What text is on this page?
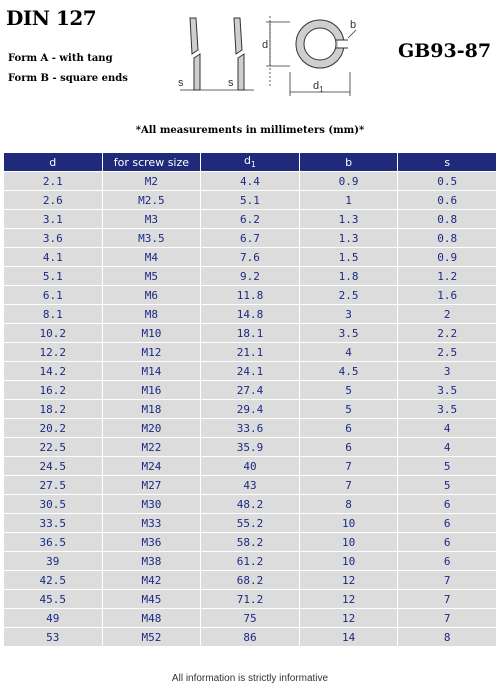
DIN 127
Form A - with tang
Form B - square ends
GB93-87
s	s
d
b
$d_1$
*All measurements in millimeters (mm)*
d	for screw size	$d_1$	b	s
2.1	M2	4.4	0.9	0.5
2.6	M2.5	5.1	1	0.6
3.1	M3	6.2	1.3	0.8
3.6	M3.5	6.7	1.3	0.8
4.1	M4	7.6	1.5	0.9
5.1	M5	9.2	1.8	1.2
6.1	M6	11.8	2.5	1.6
8.1	M8	14.8	3	2
10.2	M10	18.1	3.5	2.2
12.2	M12	21.1	4	2.5
14.2	M14	24.1	4.5	3
16.2	M16	27.4	5	3.5
18.2	M18	29.4	5	3.5
20.2	M20	33.6	6	4
22.5	M22	35.9	6	4
24.5	M24	40	7	5
27.5	M27	43	7	5
30.5	M30	48.2	8	6
33.5	M33	55.2	10	6
36.5	M36	58.2	10	6
39	M38	61.2	10	6
42.5	M42	68.2	12	7
45.5	M45	71.2	12	7
49	M48	75	12	7
53	M52	86	14	8
All information is strictly informative
